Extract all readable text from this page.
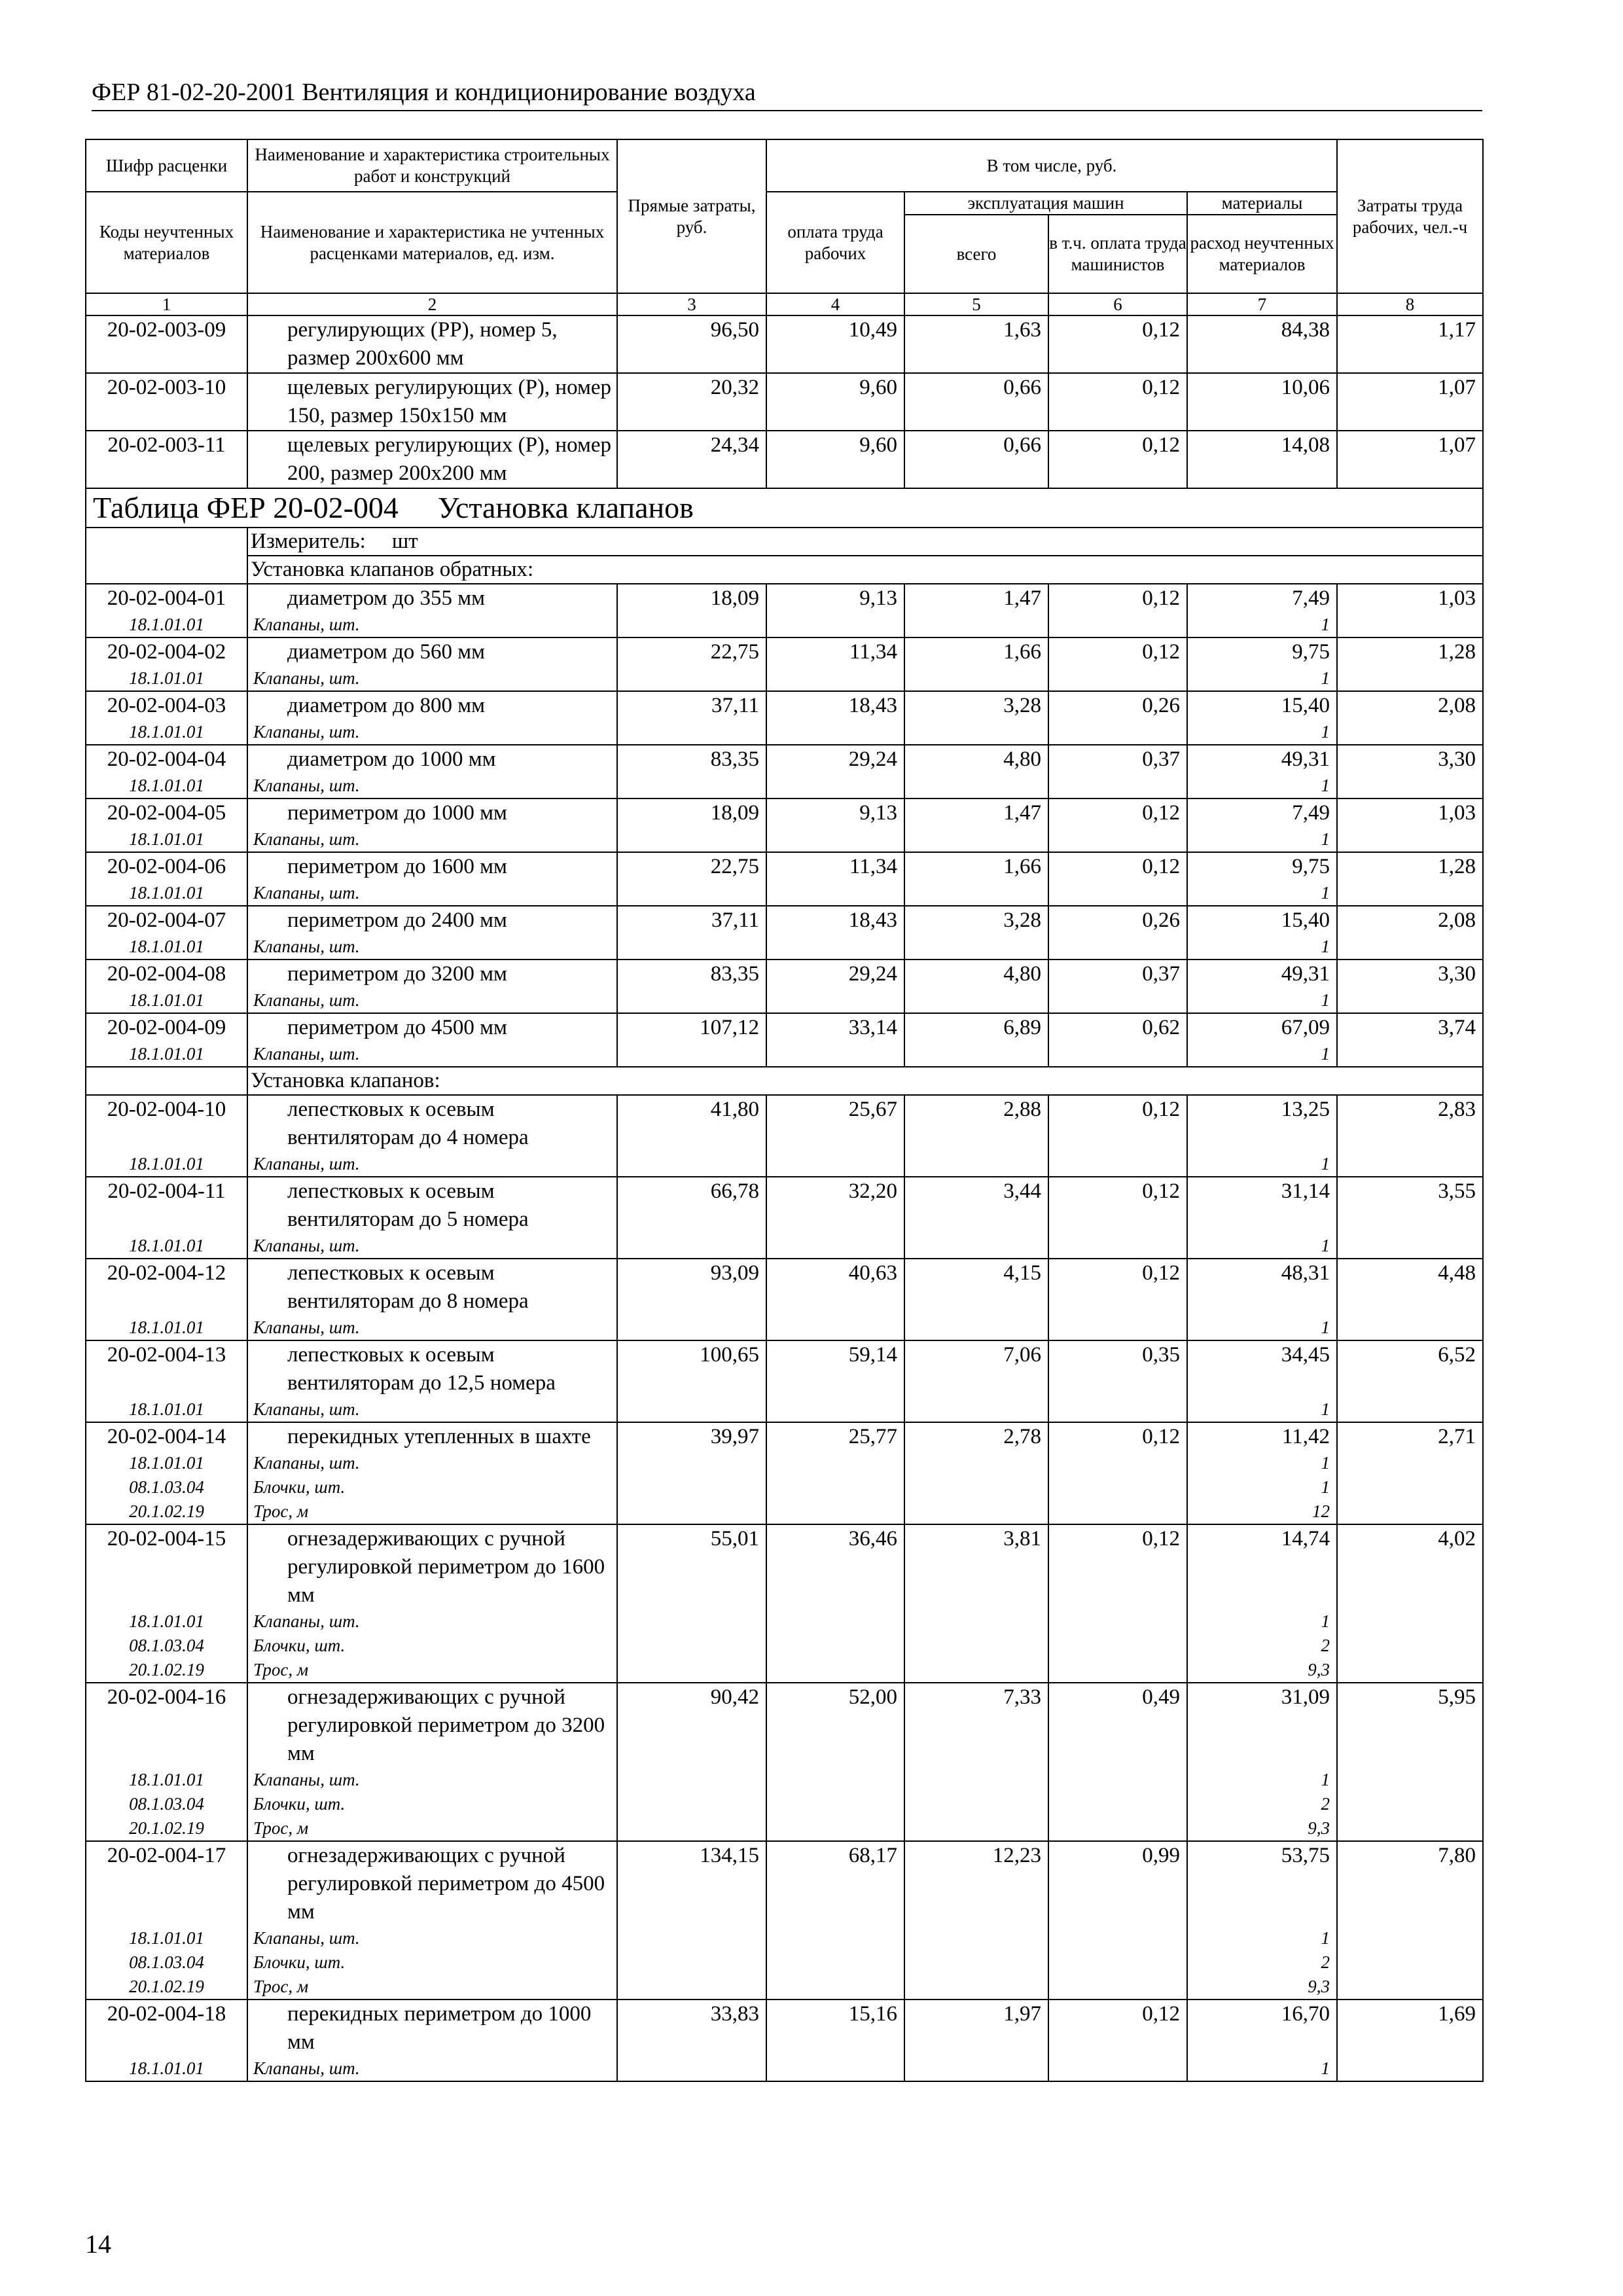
ФЕР 81-02-20-2001 Вентиляция и кондиционирование воздуха
Шифр расценки	Наименование и характеристика строительных работ и конструкций	Прямые затраты, руб.	В том числе, руб.				Затраты труда рабочих, чел.-ч
Коды неучтенных материалов	Наименование и характеристика не учтенных расценками материалов, ед. изм.		оплата труда рабочих	эксплуатация машин		материалы	
				всего	в т.ч. оплата труда машинистов	расход неучтенных материалов	
1	2	3	4	5	6	7	8
20-02-003-09	регулирующих (РР), номер 5, размер 200х600 мм	96,50	10,49	1,63	0,12	84,38	1,17
20-02-003-10	щелевых регулирующих (Р), номер 150, размер 150х150 мм	20,32	9,60	0,66	0,12	10,06	1,07
20-02-003-11	щелевых регулирующих (Р), номер 200, размер 200х200 мм	24,34	9,60	0,66	0,12	14,08	1,07
Таблица ФЕР 20-02-004 Установка клапанов							
	Измеритель: шт						
	Установка клапанов обратных:						
20-02-004-01	диаметром до 355 мм	18,09	9,13	1,47	0,12	7,49	1,03
18.1.01.01	Клапаны, шт.					1	
20-02-004-02	диаметром до 560 мм	22,75	11,34	1,66	0,12	9,75	1,28
18.1.01.01	Клапаны, шт.					1	
20-02-004-03	диаметром до 800 мм	37,11	18,43	3,28	0,26	15,40	2,08
18.1.01.01	Клапаны, шт.					1	
20-02-004-04	диаметром до 1000 мм	83,35	29,24	4,80	0,37	49,31	3,30
18.1.01.01	Клапаны, шт.					1	
20-02-004-05	периметром до 1000 мм	18,09	9,13	1,47	0,12	7,49	1,03
18.1.01.01	Клапаны, шт.					1	
20-02-004-06	периметром до 1600 мм	22,75	11,34	1,66	0,12	9,75	1,28
18.1.01.01	Клапаны, шт.					1	
20-02-004-07	периметром до 2400 мм	37,11	18,43	3,28	0,26	15,40	2,08
18.1.01.01	Клапаны, шт.					1	
20-02-004-08	периметром до 3200 мм	83,35	29,24	4,80	0,37	49,31	3,30
18.1.01.01	Клапаны, шт.					1	
20-02-004-09	периметром до 4500 мм	107,12	33,14	6,89	0,62	67,09	3,74
18.1.01.01	Клапаны, шт.					1	
	Установка клапанов:						
20-02-004-10	лепестковых к осевым вентиляторам до 4 номера	41,80	25,67	2,88	0,12	13,25	2,83
18.1.01.01	Клапаны, шт.					1	
20-02-004-11	лепестковых к осевым вентиляторам до 5 номера	66,78	32,20	3,44	0,12	31,14	3,55
18.1.01.01	Клапаны, шт.					1	
20-02-004-12	лепестковых к осевым вентиляторам до 8 номера	93,09	40,63	4,15	0,12	48,31	4,48
18.1.01.01	Клапаны, шт.					1	
20-02-004-13	лепестковых к осевым вентиляторам до 12,5 номера	100,65	59,14	7,06	0,35	34,45	6,52
18.1.01.01	Клапаны, шт.					1	
20-02-004-14	перекидных утепленных в шахте	39,97	25,77	2,78	0,12	11,42	2,71
18.1.01.01	Клапаны, шт.					1	
08.1.03.04	Блочки, шт.					1	
20.1.02.19	Трос, м					12	
20-02-004-15	огнезадерживающих с ручной регулировкой периметром до 1600 мм	55,01	36,46	3,81	0,12	14,74	4,02
18.1.01.01	Клапаны, шт.					1	
08.1.03.04	Блочки, шт.					2	
20.1.02.19	Трос, м					9,3	
20-02-004-16	огнезадерживающих с ручной регулировкой периметром до 3200 мм	90,42	52,00	7,33	0,49	31,09	5,95
18.1.01.01	Клапаны, шт.					1	
08.1.03.04	Блочки, шт.					2	
20.1.02.19	Трос, м					9,3	
20-02-004-17	огнезадерживающих с ручной регулировкой периметром до 4500 мм	134,15	68,17	12,23	0,99	53,75	7,80
18.1.01.01	Клапаны, шт.					1	
08.1.03.04	Блочки, шт.					2	
20.1.02.19	Трос, м					9,3	
20-02-004-18	перекидных периметром до 1000 мм	33,83	15,16	1,97	0,12	16,70	1,69
18.1.01.01	Клапаны, шт.					1	
14
